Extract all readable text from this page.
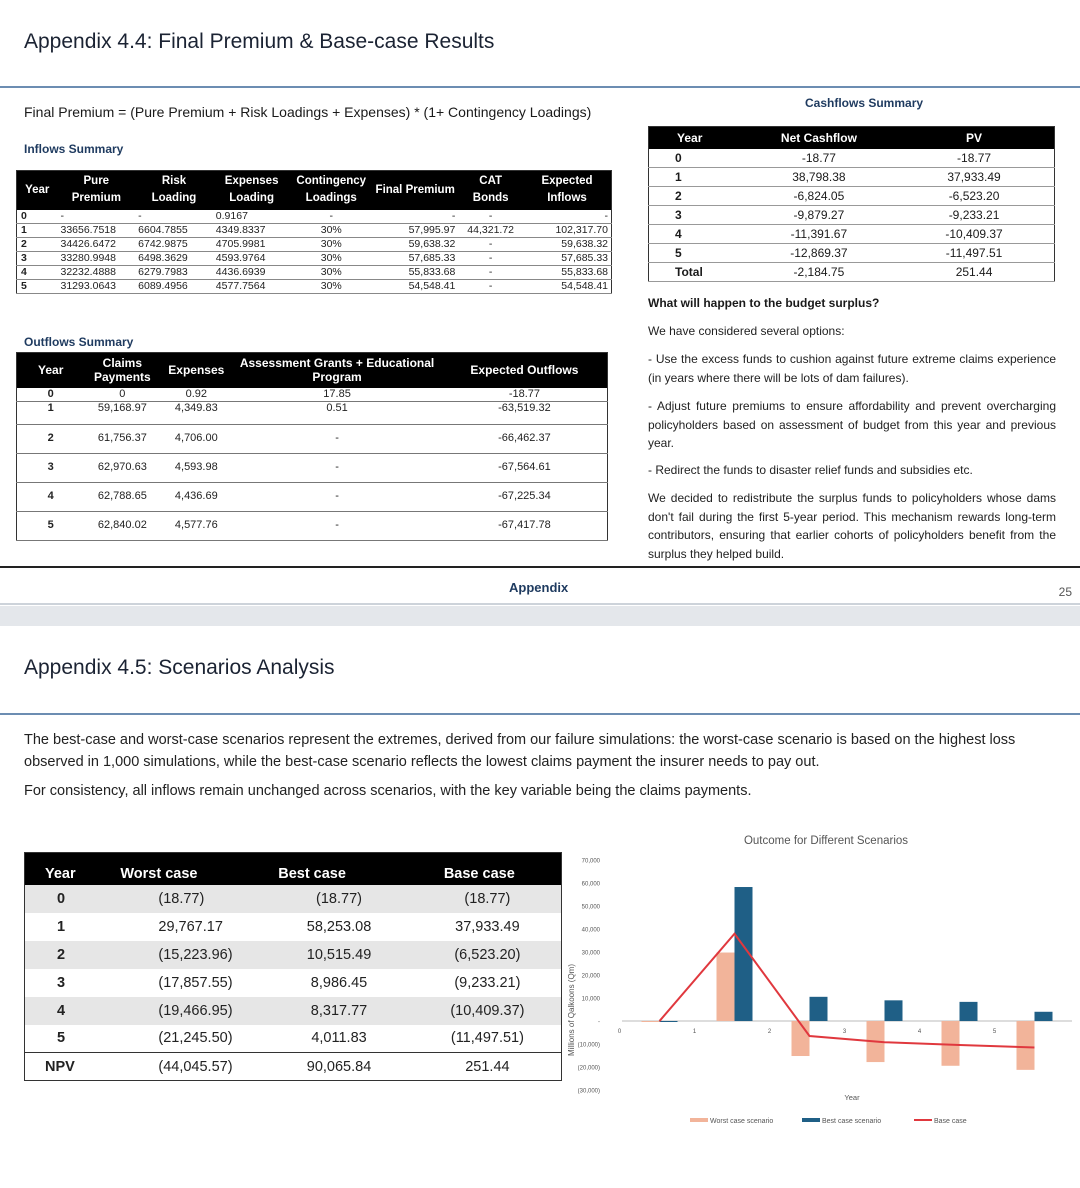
Appendix 4.4: Final Premium & Base-case Results
Final Premium = (Pure Premium + Risk Loadings + Expenses) * (1+ Contingency Loadings)
Inflows Summary
Year	Pure Premium	Risk Loading	Expenses Loading	Contingency Loadings	Final Premium	CAT Bonds	Expected Inflows
0	-	-	0.9167	-	-	-	-
1	33656.7518	6604.7855	4349.8337	30%	57,995.97	44,321.72	102,317.70
2	34426.6472	6742.9875	4705.9981	30%	59,638.32	-	59,638.32
3	33280.9948	6498.3629	4593.9764	30%	57,685.33	-	57,685.33
4	32232.4888	6279.7983	4436.6939	30%	55,833.68	-	55,833.68
5	31293.0643	6089.4956	4577.7564	30%	54,548.41	-	54,548.41
Outflows Summary
Year	Claims Payments	Expenses	Assessment Grants + Educational Program	Expected Outflows
0	0	0.92	17.85	-18.77
1	59,168.97	4,349.83	0.51	-63,519.32
2	61,756.37	4,706.00	-	-66,462.37
3	62,970.63	4,593.98	-	-67,564.61
4	62,788.65	4,436.69	-	-67,225.34
5	62,840.02	4,577.76	-	-67,417.78
Cashflows Summary
Year	Net Cashflow	PV
0	-18.77	-18.77
1	38,798.38	37,933.49
2	-6,824.05	-6,523.20
3	-9,879.27	-9,233.21
4	-11,391.67	-10,409.37
5	-12,869.37	-11,497.51
Total	-2,184.75	251.44
What will happen to the budget surplus?
We have considered several options:
- Use the excess funds to cushion against future extreme claims experience (in years where there will be lots of dam failures).
- Adjust future premiums to ensure affordability and prevent overcharging policyholders based on assessment of budget from this year and previous year.
- Redirect the funds to disaster relief funds and subsidies etc.
We decided to redistribute the surplus funds to policyholders whose dams don't fail during the first 5-year period. This mechanism rewards long-term contributors, ensuring that earlier cohorts of policyholders benefit from the surplus they helped build.
Appendix	25
Appendix 4.5: Scenarios Analysis
The best-case and worst-case scenarios represent the extremes, derived from our failure simulations: the worst-case scenario is based on the highest loss observed in 1,000 simulations, while the best-case scenario reflects the lowest claims payment the insurer needs to pay out.
For consistency, all inflows remain unchanged across scenarios, with the key variable being the claims payments.
Year	Worst case	Best case	Base case
0	(18.77)	(18.77)	(18.77)
1	29,767.17	58,253.08	37,933.49
2	(15,223.96)	10,515.49	(6,523.20)
3	(17,857.55)	8,986.45	(9,233.21)
4	(19,466.95)	8,317.77	(10,409.37)
5	(21,245.50)	4,011.83	(11,497.51)
NPV	(44,045.57)	90,065.84	251.44
Outcome for Different Scenarios
Millions of Qalkoons (Qm)
Year
70,000
60,000
50,000
40,000
30,000
20,000
10,000
-
(10,000)
(20,000)
(30,000)
0	1	2	3	4	5
Worst case scenario	Best case scenario	Base case
